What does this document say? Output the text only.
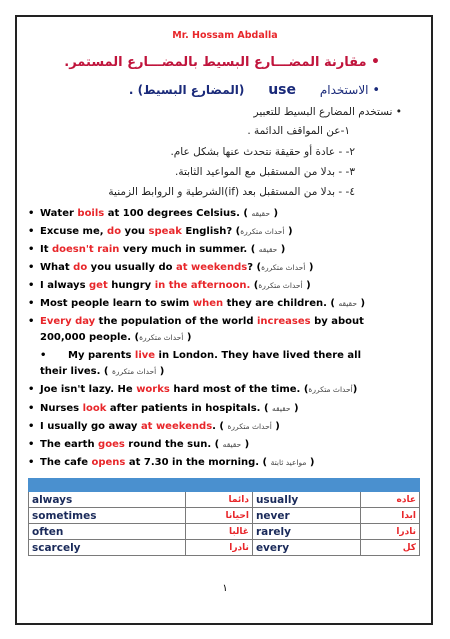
Mr. Hossam Abdalla
• مقارنة المضـــارع البسيط بالمضـــارع المستمر.
• الاستخدام use (المضارع البسيط) .
• نستخدم المضارع البسيط للتعبير
١-عن المواقف الدائمة .
٢- - عادة أو حقيقة نتحدث عنها بشكل عام.
٣- - بدلا من المستقبل مع المواعيد الثابتة.
٤- - بدلا من المستقبل بعد (if)الشرطية و الروابط الزمنية
• Water boils at 100 degrees Celsius. ( حقيقه )
• Excuse me, do you speak English? (أحداث متكررة )
• It doesn't rain very much in summer. ( حقيقه )
• What do you usually do at weekends? (أحداث متكررة )
• I always get hungry in the afternoon. (أحداث متكررة )
• Most people learn to swim when they are children. ( حقيقه )
• Every day the population of the world increases by about
200,000 people. (أحداث متكررة )
• My parents live in London. They have lived there all
their lives. ( أحداث متكررة )
• Joe isn't lazy. He works hard most of the time. (أحداث متكررة)
• Nurses look after patients in hospitals. ( حقيقه )
• I usually go away at weekends. ( أحداث متكررة )
• The earth goes round the sun. ( حقيقه )
• The cafe opens at 7.30 in the morning. ( مواعيد ثابتة )

always	دائما	usually	عاده
sometimes	احيانا	never	ابدا
often	غالبا	rarely	نادرا
scarcely	نادرا	every	كل
١
